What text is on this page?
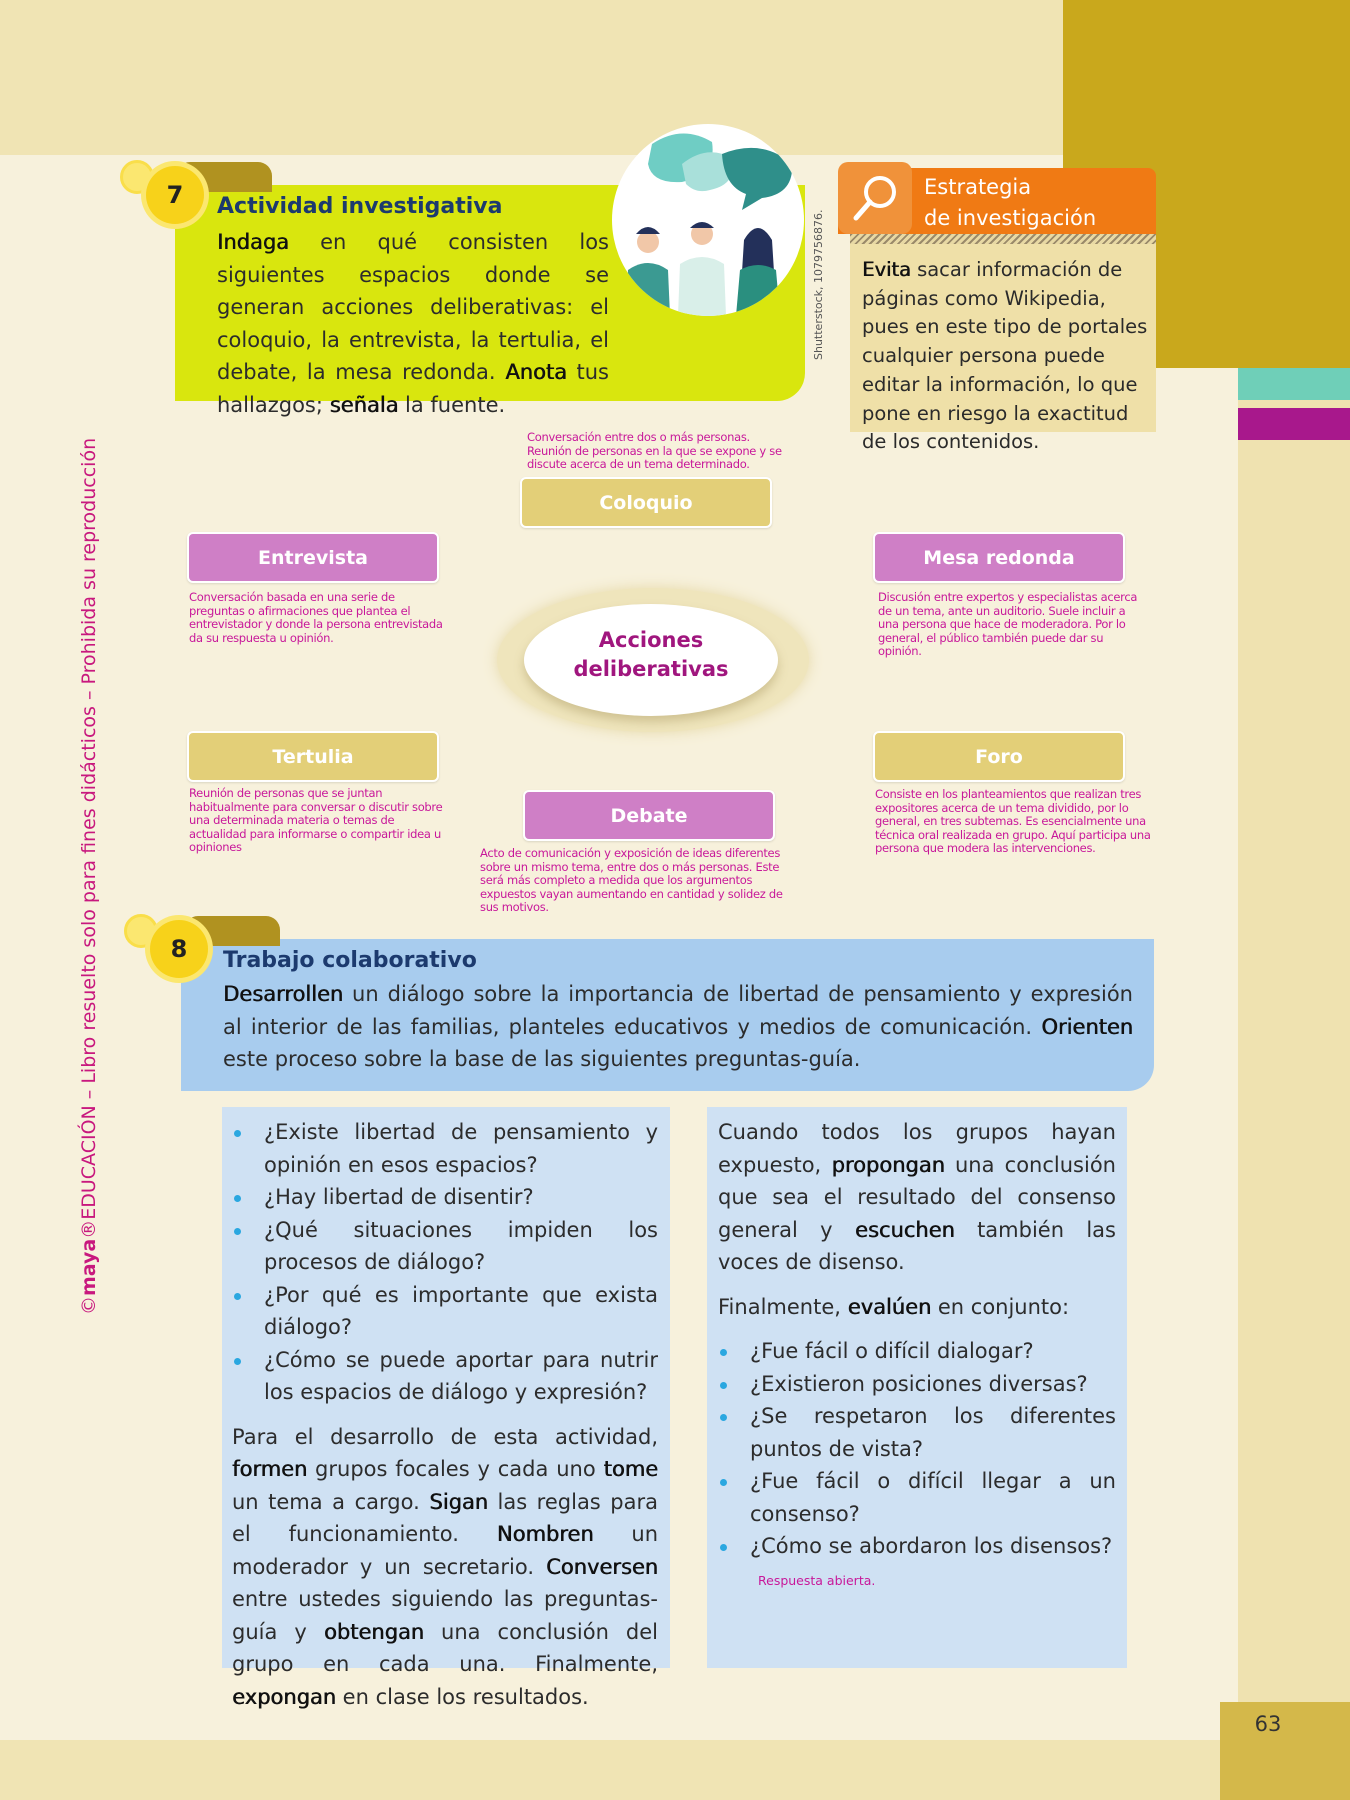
63
©maya®EDUCACIÓN – Libro resuelto solo para fines didácticos – Prohibida su reproducción
7	Actividad investigativa
Indaga en qué consisten los siguientes espacios donde se generan acciones deliberativas: el coloquio, la entrevista, la tertulia, el debate, la mesa redonda. Anota tus hallazgos; señala la fuente.
Shutterstock, 1079756876.
Estrategia
de investigación
Evita sacar información de páginas como Wikipedia, pues en este tipo de portales cualquier persona puede editar la información, lo que pone en riesgo la exactitud de los contenidos.
Acciones
deliberativas
Conversación entre dos o más personas. Reunión de personas en la que se expone y se discute acerca de un tema determinado.
Coloquio
Entrevista
Conversación basada en una serie de preguntas o afirmaciones que plantea el entrevistador y donde la persona entrevistada da su respuesta u opinión.
Mesa redonda
Discusión entre expertos y especialistas acerca de un tema, ante un auditorio. Suele incluir a una persona que hace de moderadora. Por lo general, el público también puede dar su opinión.
Tertulia
Reunión de personas que se juntan habitualmente para conversar o discutir sobre una determinada materia o temas de actualidad para informarse o compartir idea u opiniones
Foro
Consiste en los planteamientos que realizan tres expositores acerca de un tema dividido, por lo general, en tres subtemas. Es esencialmente una técnica oral realizada en grupo. Aquí participa una persona que modera las intervenciones.
Debate
Acto de comunicación y exposición de ideas diferentes sobre un mismo tema, entre dos o más personas. Este será más completo a medida que los argumentos expuestos vayan aumentando en cantidad y solidez de sus motivos.
8	Trabajo colaborativo
Desarrollen un diálogo sobre la importancia de libertad de pensamiento y expresión al interior de las familias, planteles educativos y medios de comunicación. Orienten este proceso sobre la base de las siguientes preguntas-guía.
¿Existe libertad de pensamiento y opinión en esos espacios?
¿Hay libertad de disentir?
¿Qué situaciones impiden los procesos de diálogo?
¿Por qué es importante que exista diálogo?
¿Cómo se puede aportar para nutrir los espacios de diálogo y expresión?

Para el desarrollo de esta actividad, formen grupos focales y cada uno tome un tema a cargo. Sigan las reglas para el funcionamiento. Nombren un moderador y un secretario. Conversen entre ustedes siguiendo las preguntas-guía y obtengan una conclusión del grupo en cada una. Finalmente, expongan en clase los resultados.

Cuando todos los grupos hayan expuesto, propongan una conclusión que sea el resultado del consenso general y escuchen también las voces de disenso.

Finalmente, evalúen en conjunto:

¿Fue fácil o difícil dialogar?
¿Existieron posiciones diversas?
¿Se respetaron los diferentes puntos de vista?
¿Fue fácil o difícil llegar a un consenso?
¿Cómo se abordaron los disensos?
Respuesta abierta.
